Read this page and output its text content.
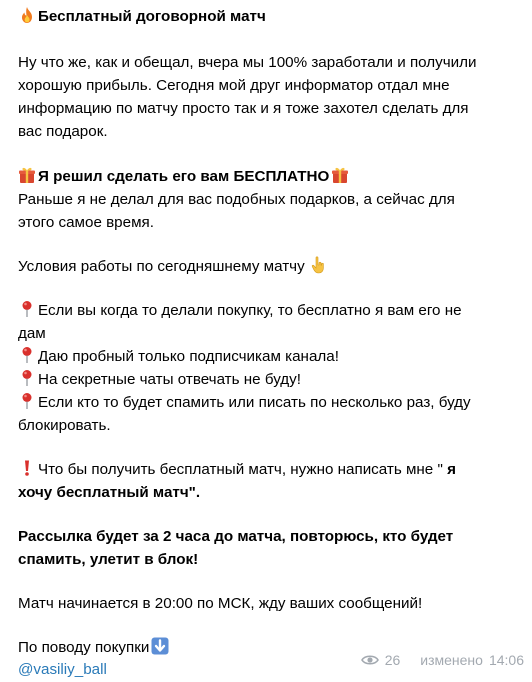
Бесплатный договорной матч
Ну что же, как и обещал, вчера мы 100% заработали и получили
хорошую прибыль. Сегодня мой друг информатор отдал мне
информацию по матчу просто так и я тоже захотел сделать для
вас подарок.
Я решил сделать его вам БЕСПЛАТНО
Раньше я не делал для вас подобных подарков, а сейчас для
этого самое время.
Условия работы по сегодняшнему матчу
Если вы когда то делали покупку, то бесплатно я вам его не
дам
Даю пробный только подписчикам канала!
На секретные чаты отвечать не буду!
Если кто то будет спамить или писать по несколько раз, буду
блокировать.
Что бы получить бесплатный матч, нужно написать мне " я
хочу бесплатный матч".
Рассылка будет за 2 часа до матча, повторюсь, кто будет
спамить, улетит в блок!
Матч начинается в 20:00 по МСК, жду ваших сообщений!
По поводу покупки
@vasiliy_ball
26 изменено 14:06
